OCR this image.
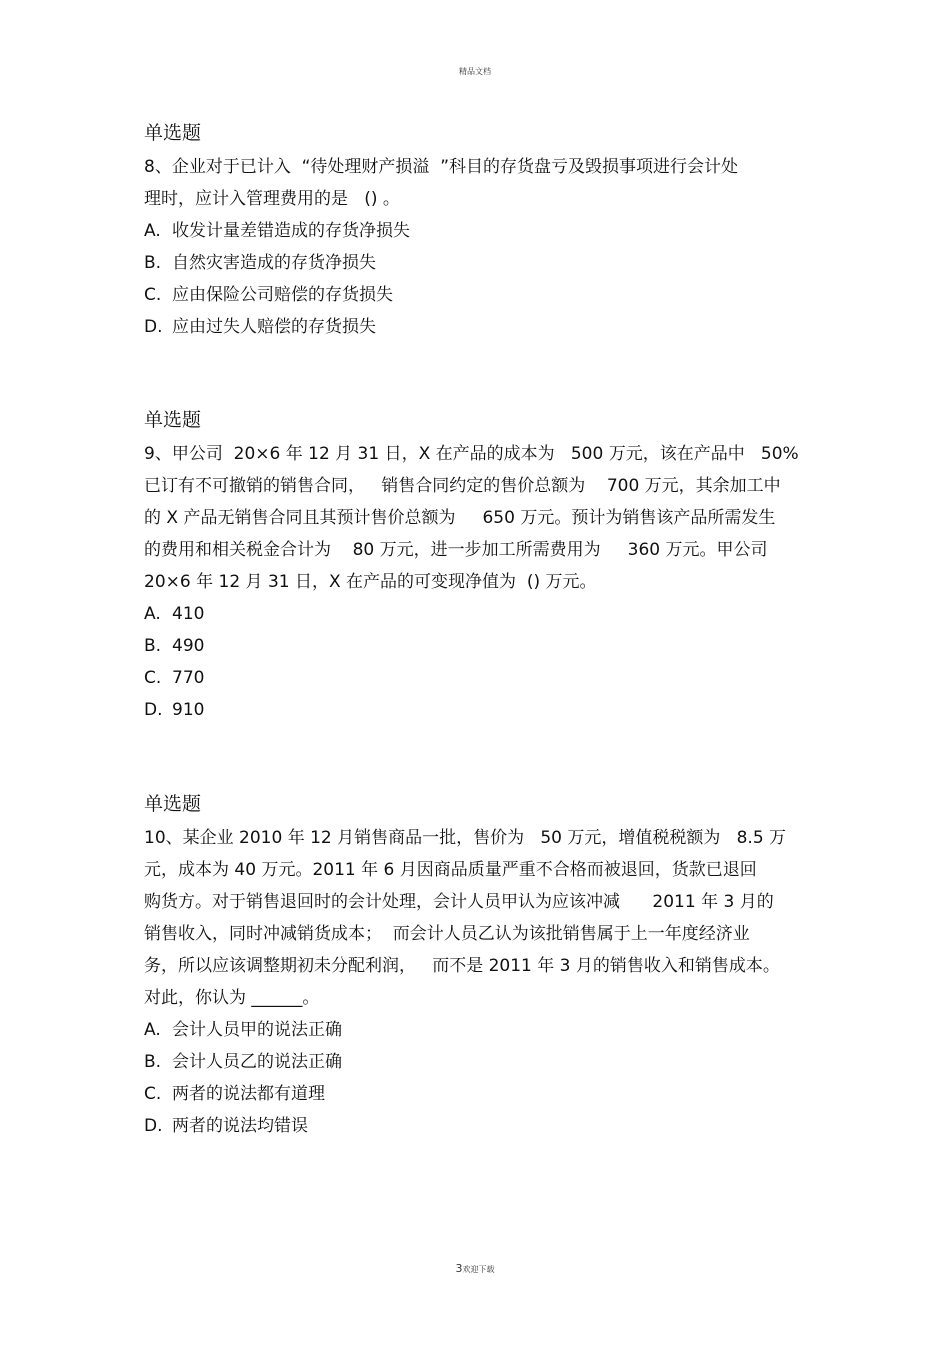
精品文档
单选题
8、企业对于已计入  “待处理财产损溢  ”科目的存货盘亏及毁损事项进行会计处
理时，应计入管理费用的是   () 。
A. 收发计量差错造成的存货净损失
B. 自然灾害造成的存货净损失
C. 应由保险公司赔偿的存货损失
D. 应由过失人赔偿的存货损失
单选题
9、甲公司  20×6 年 12 月 31 日，X 在产品的成本为   500 万元，该在产品中   50%
已订有不可撤销的销售合同，   销售合同约定的售价总额为    700 万元，其余加工中
的 X 产品无销售合同且其预计售价总额为     650 万元。预计为销售该产品所需发生
的费用和相关税金合计为    80 万元，进一步加工所需费用为     360 万元。甲公司
20×6 年 12 月 31 日，X 在产品的可变现净值为  () 万元。
A. 410
B. 490
C. 770
D. 910
单选题
10、某企业 2010 年 12 月销售商品一批，售价为   50 万元，增值税税额为   8.5 万
元，成本为 40 万元。2011 年 6 月因商品质量严重不合格而被退回，货款已退回
购货方。对于销售退回时的会计处理，会计人员甲认为应该冲减      2011 年 3 月的
销售收入，同时冲减销货成本；  而会计人员乙认为该批销售属于上一年度经济业
务，所以应该调整期初未分配利润，   而不是 2011 年 3 月的销售收入和销售成本。
对此，你认为 ______。
A. 会计人员甲的说法正确
B. 会计人员乙的说法正确
C. 两者的说法都有道理
D. 两者的说法均错误
3欢迎下载
